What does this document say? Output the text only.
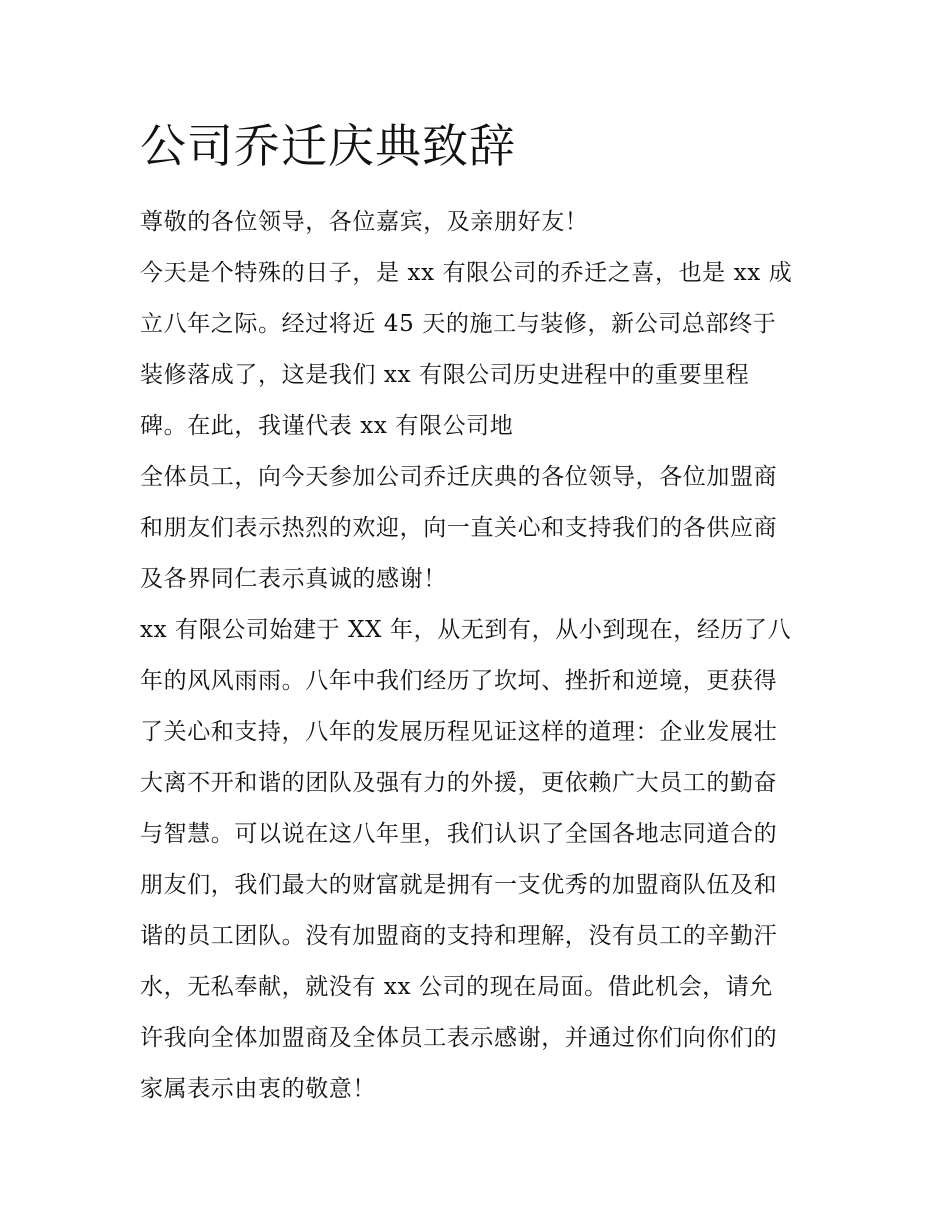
公司乔迁庆典致辞
尊敬的各位领导，各位嘉宾，及亲朋好友！
今天是个特殊的日子，是 xx 有限公司的乔迁之喜，也是 xx 成
立八年之际。经过将近 45 天的施工与装修，新公司总部终于
装修落成了，这是我们 xx 有限公司历史进程中的重要里程
碑。在此，我谨代表 xx 有限公司地
全体员工，向今天参加公司乔迁庆典的各位领导，各位加盟商
和朋友们表示热烈的欢迎，向一直关心和支持我们的各供应商
及各界同仁表示真诚的感谢！
xx 有限公司始建于 XX 年，从无到有，从小到现在，经历了八
年的风风雨雨。八年中我们经历了坎坷、挫折和逆境，更获得
了关心和支持，八年的发展历程见证这样的道理：企业发展壮
大离不开和谐的团队及强有力的外援，更依赖广大员工的勤奋
与智慧。可以说在这八年里，我们认识了全国各地志同道合的
朋友们，我们最大的财富就是拥有一支优秀的加盟商队伍及和
谐的员工团队。没有加盟商的支持和理解，没有员工的辛勤汗
水，无私奉献，就没有 xx 公司的现在局面。借此机会，请允
许我向全体加盟商及全体员工表示感谢，并通过你们向你们的
家属表示由衷的敬意！
